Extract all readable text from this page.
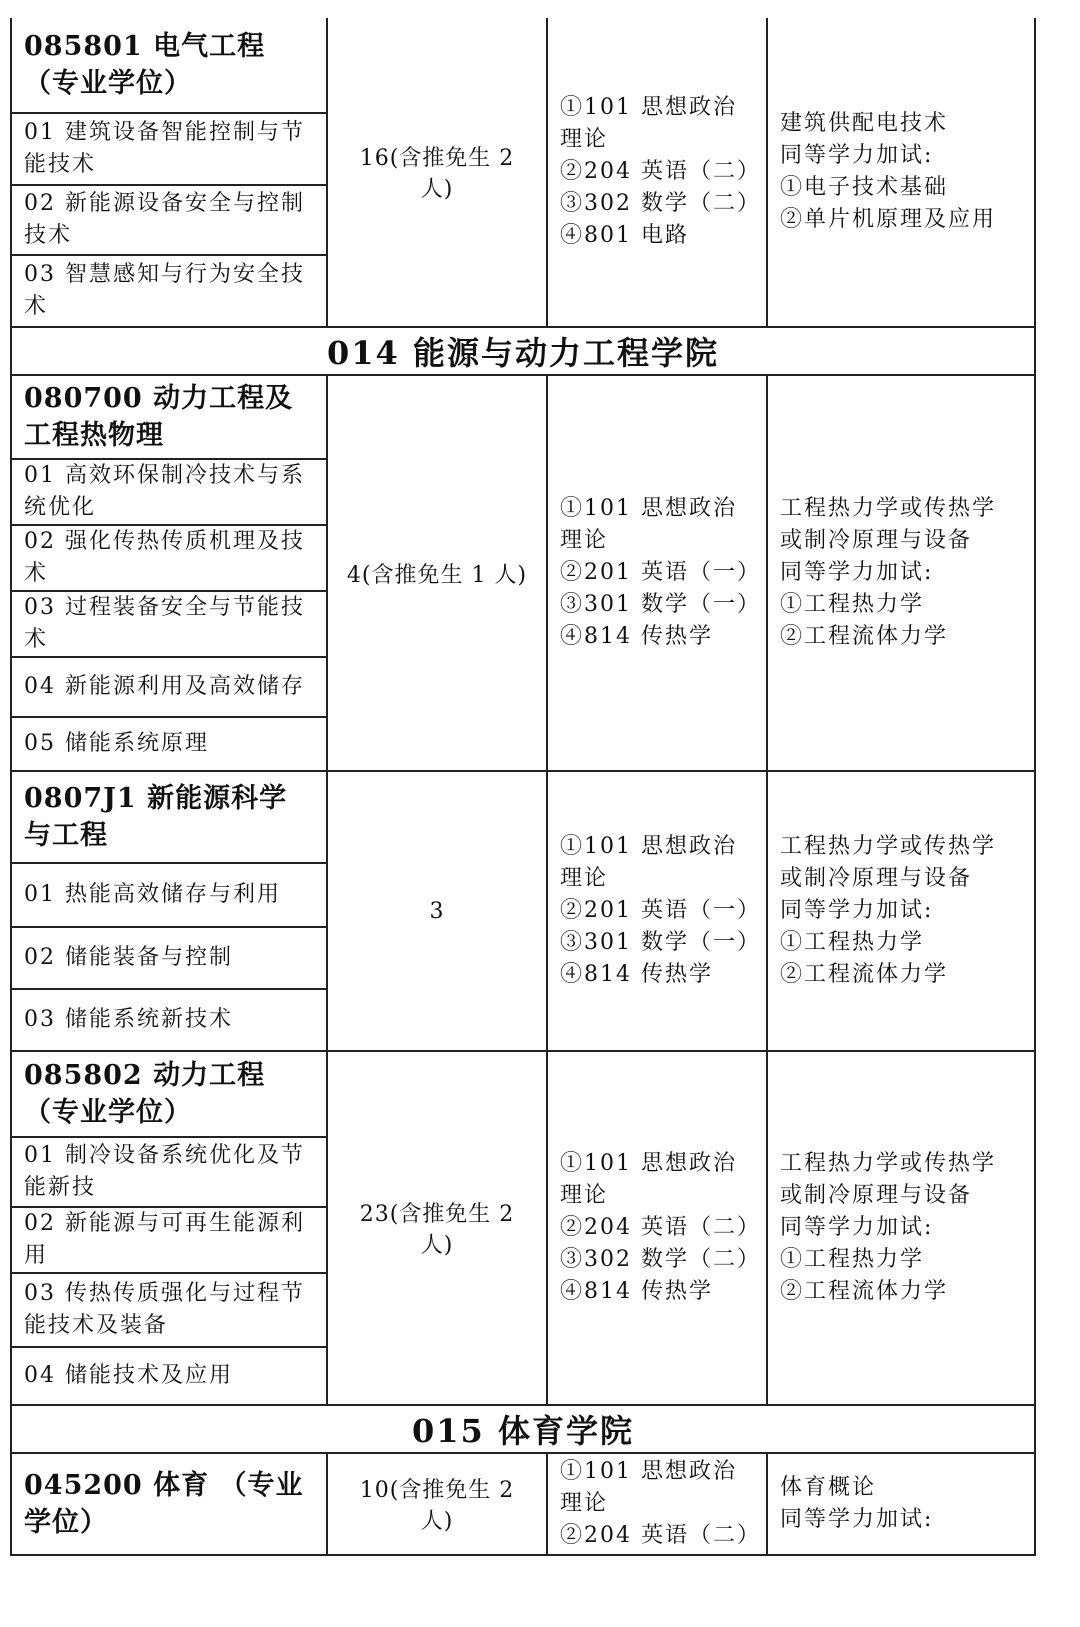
085801 电气工程 （专业学位）	16(含推免生 2 人)	①101 思想政治理论
②204 英语（二）
③302 数学（二）
④801 电路	建筑供配电技术
同等学力加试:
①电子技术基础
②单片机原理及应用

01 建筑设备智能控制与节能技术			
02 新能源设备安全与控制技术			
03 智慧感知与行为安全技术			
014 能源与动力工程学院			
080700 动力工程及工程热物理	4(含推免生 1 人)	①101 思想政治理论
②201 英语（一）
③301 数学（一）
④814 传热学	工程热力学或传热学
或制冷原理与设备
同等学力加试:
①工程热力学
②工程流体力学

01 高效环保制冷技术与系统优化			
02 强化传热传质机理及技术			
03 过程装备安全与节能技术			
04 新能源利用及高效储存			
05 储能系统原理			
0807J1 新能源科学与工程	3	①101 思想政治理论
②201 英语（一）
③301 数学（一）
④814 传热学	工程热力学或传热学
或制冷原理与设备
同等学力加试:
①工程热力学
②工程流体力学

01 热能高效储存与利用			
02 储能装备与控制			
03 储能系统新技术			
085802 动力工程 （专业学位）	23(含推免生 2 人)	①101 思想政治理论
②204 英语（二）
③302 数学（二）
④814 传热学	工程热力学或传热学
或制冷原理与设备
同等学力加试:
①工程热力学
②工程流体力学

01 制冷设备系统优化及节能新技			
02 新能源与可再生能源利用			
03 传热传质强化与过程节能技术及装备			
04 储能技术及应用			
015 体育学院			
045200 体育 （专业学位）	10(含推免生 2 人)	①101 思想政治理论
②204 英语（二）	体育概论
同等学力加试:
